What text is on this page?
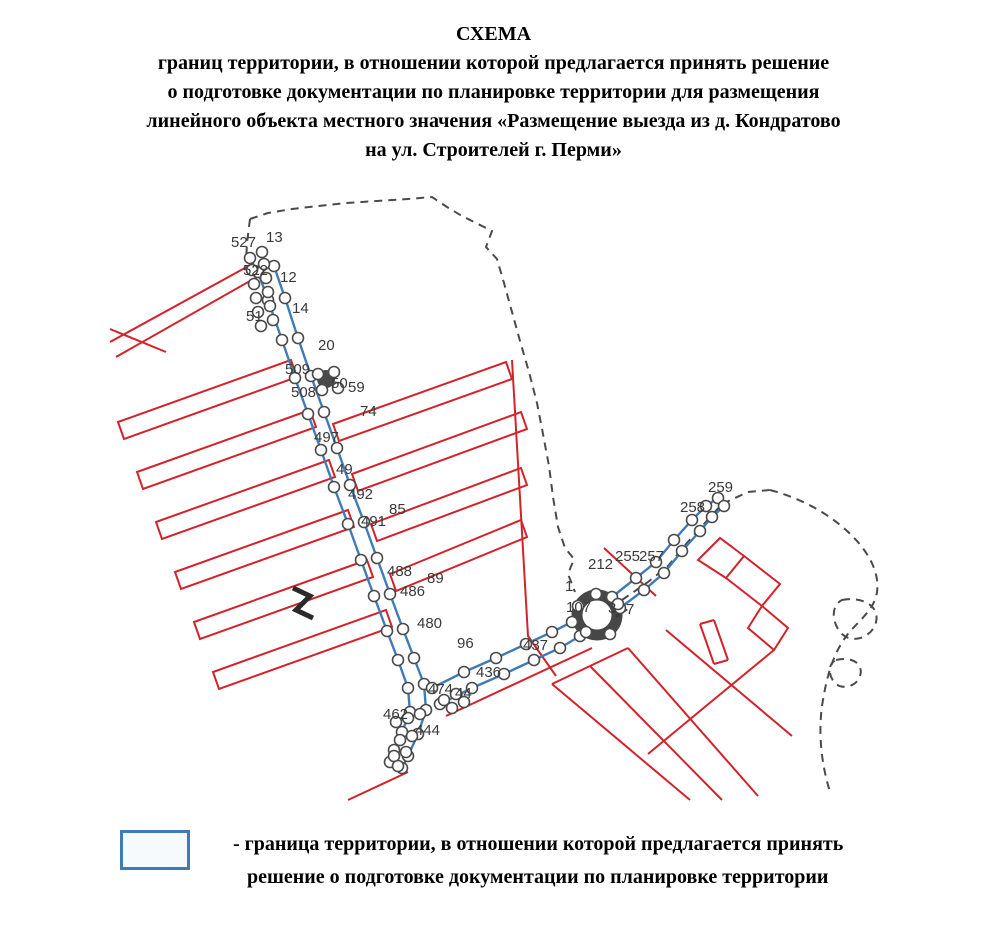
527 13
522 12
51 14
20
509
508
50 59
74
497
49
492
85
491
488 89
486
480
96	437
436
474 44
462
444
107
1
212 255
257
3 7
258
259
СХЕМА
границ территории, в отношении которой предлагается принять решение
о подготовке документации по планировке территории для размещения
линейного объекта местного значения «Размещение выезда из д. Кондратово
на ул. Строителей г. Перми»
- граница территории, в отношении которой предлагается принять
решение о подготовке документации по планировке территории
